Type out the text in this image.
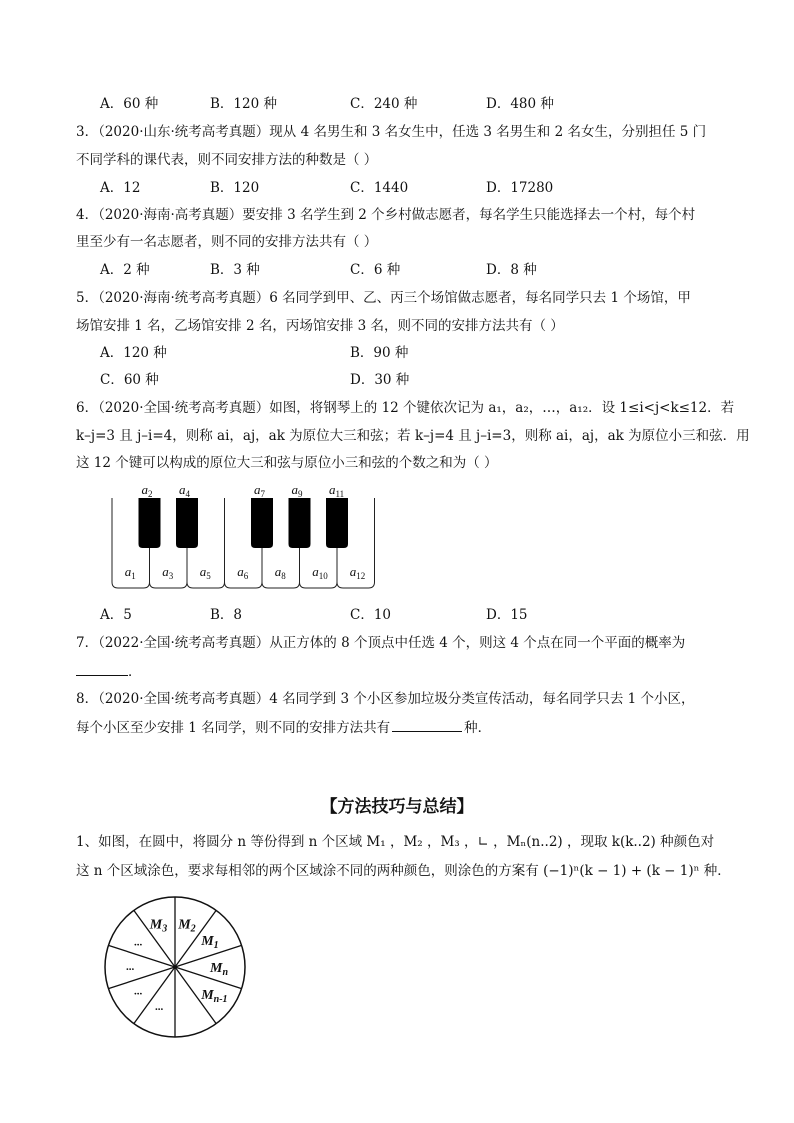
A．60 种	B．120 种	C．240 种	D．480 种
3．（2020·山东·统考高考真题）现从 4 名男生和 3 名女生中，任选 3 名男生和 2 名女生，分别担任 5 门
不同学科的课代表，则不同安排方法的种数是（ ）
A．12	B．120	C．1440	D．17280
4．（2020·海南·高考真题）要安排 3 名学生到 2 个乡村做志愿者，每名学生只能选择去一个村，每个村
里至少有一名志愿者，则不同的安排方法共有（ ）
A．2 种	B．3 种	C．6 种	D．8 种
5．（2020·海南·统考高考真题）6 名同学到甲、乙、丙三个场馆做志愿者，每名同学只去 1 个场馆，甲
场馆安排 1 名，乙场馆安排 2 名，丙场馆安排 3 名，则不同的安排方法共有（ ）
A．120 种	B．90 种
C．60 种	D．30 种
6．（2020·全国·统考高考真题）如图，将钢琴上的 12 个键依次记为 a₁，a₂，…，a₁₂．设 1≤i<j<k≤12．若
k–j=3 且 j–i=4，则称 ai，aj，ak 为原位大三和弦；若 k–j=4 且 j–i=3，则称 ai，aj，ak 为原位小三和弦．用
这 12 个键可以构成的原位大三和弦与原位小三和弦的个数之和为（ ）
$a_1$ $a_3$ $a_5$ $a_6$ $a_8$ $a_{10}$ $a_{12}$
$a_2$ $a_4$	$a_7$ $a_9$ $a_{11}$
A．5	B．8	C．10	D．15
7．（2022·全国·统考高考真题）从正方体的 8 个顶点中任选 4 个，则这 4 个点在同一个平面的概率为
．
8．（2020·全国·统考高考真题）4 名同学到 3 个小区参加垃圾分类宣传活动，每名同学只去 1 个小区，
每个小区至少安排 1 名同学，则不同的安排方法共有	种．
【方法技巧与总结】
1、如图，在圆中，将圆分 n 等份得到 n 个区域 M₁ ，M₂ ，M₃ ，∟ ，Mₙ(n..2) ，现取 k(k..2) 种颜色对
这 n 个区域涂色，要求每相邻的两个区域涂不同的两种颜色，则涂色的方案有 (−1)ⁿ(k − 1) + (k − 1)ⁿ 种．
$M_3$ $M_2$
$M_1$
$M_n$
$M_{n-1}$
...
...
...
...
